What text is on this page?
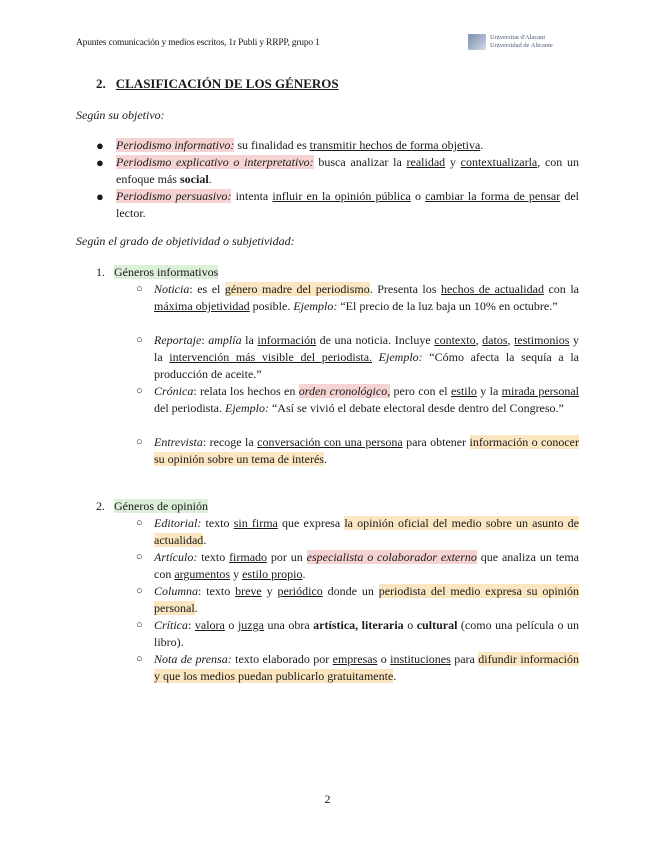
Apuntes comunicación y medios escritos, 1r Publi y RRPP, grupo 1
Universitat d'Alacant
Universidad de Alicante
2. CLASIFICACIÓN DE LOS GÉNEROS
Según su objetivo:
● Periodismo informativo: su finalidad es transmitir hechos de forma objetiva.
● Periodismo explicativo o interpretativo: busca analizar la realidad y contextualizarla, con un enfoque más social.
● Periodismo persuasivo: intenta influir en la opinión pública o cambiar la forma de pensar del lector.
Según el grado de objetividad o subjetividad:
1. Géneros informativos
○ Noticia: es el género madre del periodismo. Presenta los hechos de actualidad con la máxima objetividad posible. Ejemplo: “El precio de la luz baja un 10% en octubre.”
○ Reportaje: amplía la información de una noticia. Incluye contexto, datos, testimonios y la intervención más visible del periodista. Ejemplo: “Cómo afecta la sequía a la producción de aceite.”
○ Crónica: relata los hechos en orden cronológico, pero con el estilo y la mirada personal del periodista. Ejemplo: “Así se vivió el debate electoral desde dentro del Congreso.”
○ Entrevista: recoge la conversación con una persona para obtener información o conocer su opinión sobre un tema de interés.
2. Géneros de opinión
○ Editorial: texto sin firma que expresa la opinión oficial del medio sobre un asunto de actualidad.
○ Artículo: texto firmado por un especialista o colaborador externo que analiza un tema con argumentos y estilo propio.
○ Columna: texto breve y periódico donde un periodista del medio expresa su opinión personal.
○ Crítica: valora o juzga una obra artística, literaria o cultural (como una película o un libro).
○ Nota de prensa: texto elaborado por empresas o instituciones para difundir información y que los medios puedan publicarlo gratuitamente.
2
